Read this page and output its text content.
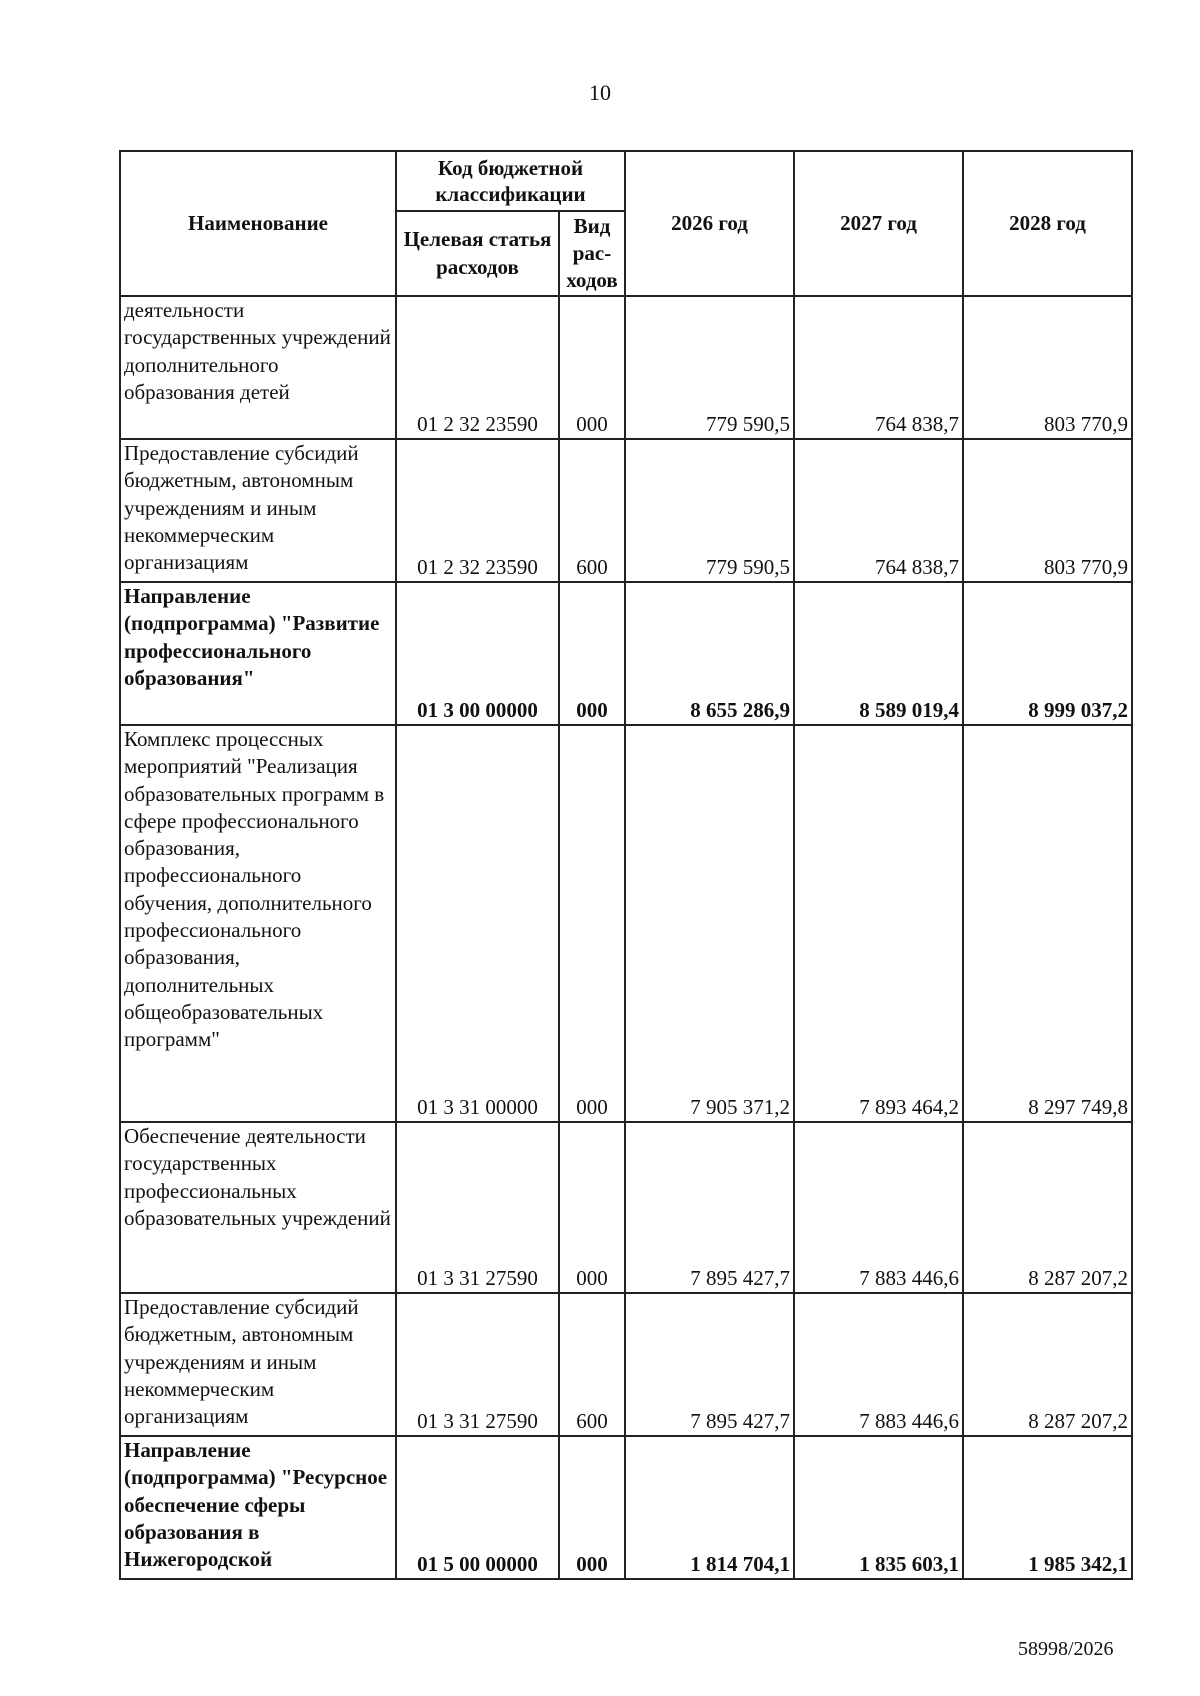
10
Наименование	Код бюджетной классификации		2026 год	2027 год	2028 год
	Целевая статья расходов	Вид рас-ходов			
деятельности государственных учреждений дополнительного образования детей	01 2 32 23590	000	779 590,5	764 838,7	803 770,9
Предоставление субсидий бюджетным, автономным учреждениям и иным некоммерческим организациям	01 2 32 23590	600	779 590,5	764 838,7	803 770,9
Направление (подпрограмма) "Развитие профессионального образования"	01 3 00 00000	000	8 655 286,9	8 589 019,4	8 999 037,2
Комплекс процессных мероприятий "Реализация образовательных программ в сфере профессионального образования, профессионального обучения, дополнительного профессионального образования, дополнительных общеобразовательных программ"	01 3 31 00000	000	7 905 371,2	7 893 464,2	8 297 749,8
Обеспечение деятельности государственных профессиональных образовательных учреждений	01 3 31 27590	000	7 895 427,7	7 883 446,6	8 287 207,2
Предоставление субсидий бюджетным, автономным учреждениям и иным некоммерческим организациям	01 3 31 27590	600	7 895 427,7	7 883 446,6	8 287 207,2
Направление (подпрограмма) "Ресурсное обеспечение сферы образования в Нижегородской	01 5 00 00000	000	1 814 704,1	1 835 603,1	1 985 342,1
58998/2026
